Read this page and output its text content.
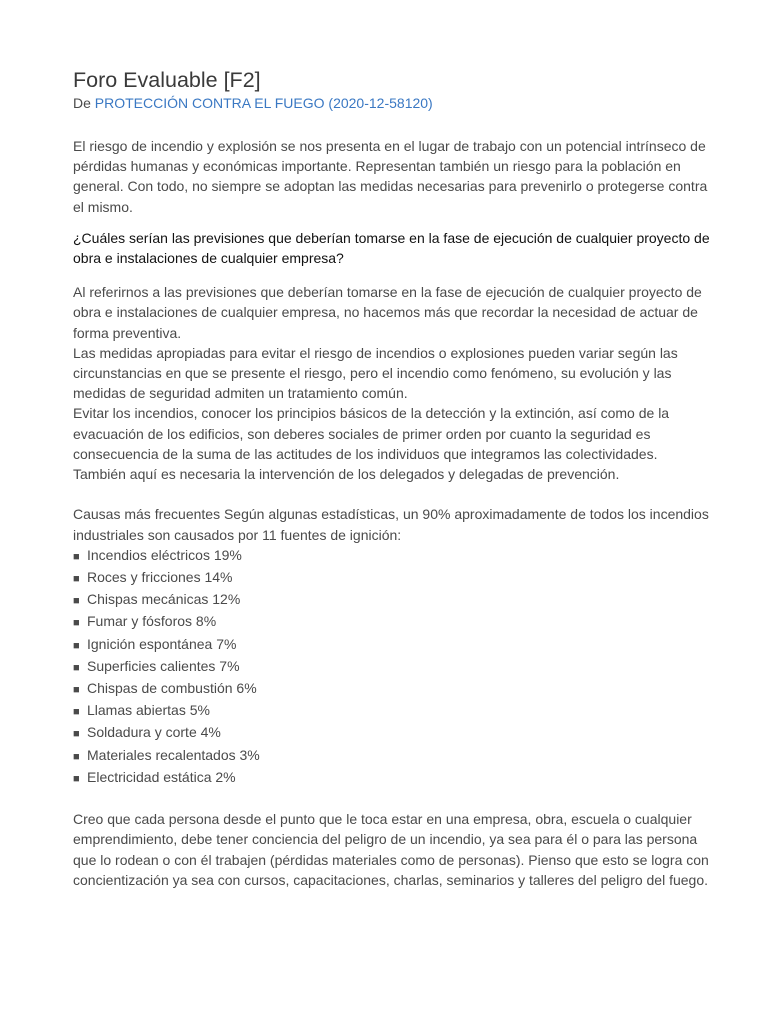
Foro Evaluable [F2]
De PROTECCIÓN CONTRA EL FUEGO (2020-12-58120)

El riesgo de incendio y explosión se nos presenta en el lugar de trabajo con un potencial intrínseco de pérdidas humanas y económicas importante. Representan también un riesgo para la población en general. Con todo, no siempre se adoptan las medidas necesarias para prevenirlo o protegerse contra el mismo.

¿Cuáles serían las previsiones que deberían tomarse en la fase de ejecución de cualquier proyecto de obra e instalaciones de cualquier empresa?

Al referirnos a las previsiones que deberían tomarse en la fase de ejecución de cualquier proyecto de obra e instalaciones de cualquier empresa, no hacemos más que recordar la necesidad de actuar de forma preventiva.

Las medidas apropiadas para evitar el riesgo de incendios o explosiones pueden variar según las circunstancias en que se presente el riesgo, pero el incendio como fenómeno, su evolución y las medidas de seguridad admiten un tratamiento común.

Evitar los incendios, conocer los principios básicos de la detección y la extinción, así como de la evacuación de los edificios, son deberes sociales de primer orden por cuanto la seguridad es consecuencia de la suma de las actitudes de los individuos que integramos las colectividades. También aquí es necesaria la intervención de los delegados y delegadas de prevención.

Causas más frecuentes Según algunas estadísticas, un 90% aproximadamente de todos los incendios industriales son causados por 11 fuentes de ignición:

■ Incendios eléctricos 19%
■ Roces y fricciones 14%
■ Chispas mecánicas 12%
■ Fumar y fósforos 8%
■ Ignición espontánea 7%
■ Superficies calientes 7%
■ Chispas de combustión 6%
■ Llamas abiertas 5%
■ Soldadura y corte 4%
■ Materiales recalentados 3%
■ Electricidad estática 2%

Creo que cada persona desde el punto que le toca estar en una empresa, obra, escuela o cualquier emprendimiento, debe tener conciencia del peligro de un incendio, ya sea para él o para las persona que lo rodean o con él trabajen (pérdidas materiales como de personas). Pienso que esto se logra con concientización ya sea con cursos, capacitaciones, charlas, seminarios y talleres del peligro del fuego.
